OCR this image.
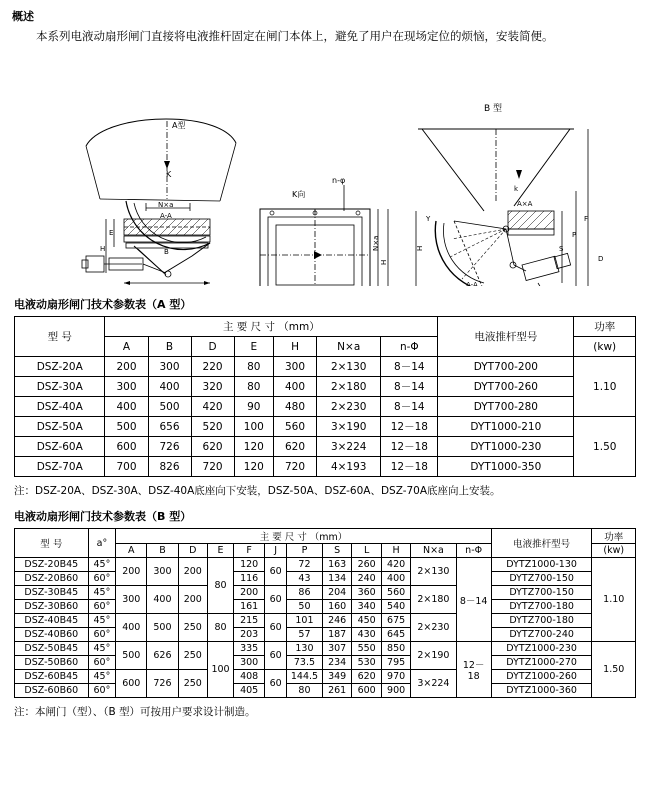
概述
本系列电液动扇形闸门直接将电液推杆固定在闸门本体上，避免了用户在现场定位的烦恼，安装简便。
A型
K
N×a
A-A
E
H	B
K向
n-φ
N×a
H
B 型
k
A×A
S
P
F
D
Y
A-A
H
电液动扇形闸门技术参数表（A 型）
型 号	主 要 尺 寸 （mm）							电液推杆型号	功率
	A	B	D	E	H	N×a	n-Φ		(kw)
DSZ-20A	200	300	220	80	300	2×130	8－14	DYT700-200	1.10
DSZ-30A	300	400	320	80	400	2×180	8－14	DYT700-260	
DSZ-40A	400	500	420	90	480	2×230	8－14	DYT700-280	
DSZ-50A	500	656	520	100	560	3×190	12－18	DYT1000-210	1.50
DSZ-60A	600	726	620	120	620	3×224	12－18	DYT1000-230	
DSZ-70A	700	826	720	120	720	4×193	12－18	DYT1000-350	
注：DSZ-20A、DSZ-30A、DSZ-40A底座向下安装，DSZ-50A、DSZ-60A、DSZ-70A底座向上安装。
电液动扇形闸门技术参数表（B 型）
型 号	a°	主 要 尺 寸 （mm）												电液推杆型号	功率
		A	B	D	E	F	J	P	S	L	H	N×a	n-Φ		(kw)
DSZ-20B45	45°	200	300	200	80	120	60	72	163	260	420	2×130	8－14	DYTZ1000-130	1.10
DSZ-20B60	60°					116		43	134	240	400			DYTZ700-150	
DSZ-30B45	45°	300	400	200		200	60	86	204	360	560	2×180		DYTZ700-150	
DSZ-30B60	60°					161		50	160	340	540			DYTZ700-180	
DSZ-40B45	45°	400	500	250	80	215	60	101	246	450	675	2×230		DYTZ700-180	
DSZ-40B60	60°					203		57	187	430	645			DYTZ700-240	
DSZ-50B45	45°	500	626	250	100	335	60	130	307	550	850	2×190	12－18	DYTZ1000-230	1.50
DSZ-50B60	60°					300		73.5	234	530	795			DYTZ1000-270	
DSZ-60B45	45°	600	726	250		408	60	144.5	349	620	970	3×224		DYTZ1000-260	
DSZ-60B60	60°					405		80	261	600	900			DYTZ1000-360	
注：本闸门（型）、（B 型）可按用户要求设计制造。
